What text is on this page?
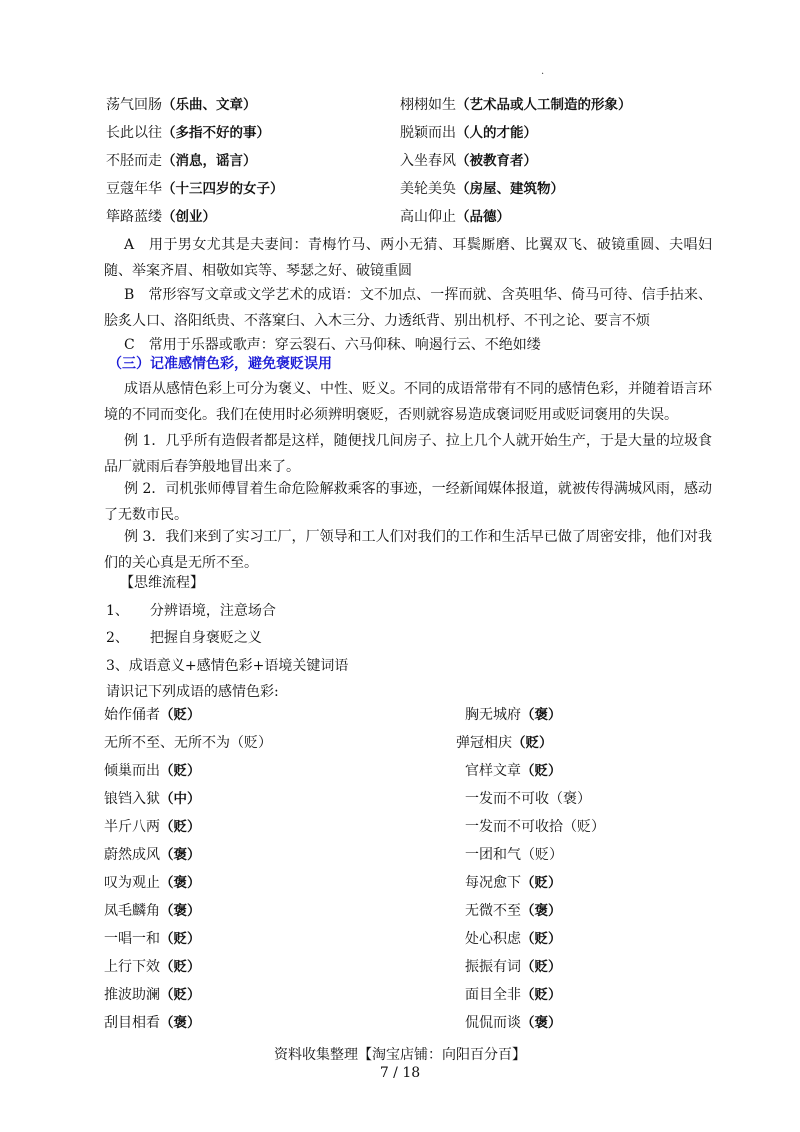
.
荡气回肠（乐曲、文章）	栩栩如生（艺术品或人工制造的形象）
长此以往（多指不好的事）	脱颖而出（人的才能）
不胫而走（消息，谣言）	入坐春风（被教育者）
豆蔻年华（十三四岁的女子）	美轮美奂（房屋、建筑物）
筚路蓝缕（创业）	高山仰止（品德）
A　用于男女尤其是夫妻间：青梅竹马、两小无猜、耳鬓厮磨、比翼双飞、破镜重圆、夫唱妇随、举案齐眉、相敬如宾等、琴瑟之好、破镜重圆
B　常形容写文章或文学艺术的成语：文不加点、一挥而就、含英咀华、倚马可待、信手拈来、脍炙人口、洛阳纸贵、不落窠臼、入木三分、力透纸背、别出机杼、不刊之论、要言不烦
C　常用于乐器或歌声：穿云裂石、六马仰秣、响遏行云、不绝如缕
（三）记准感情色彩，避免褒贬误用
成语从感情色彩上可分为褒义、中性、贬义。不同的成语常带有不同的感情色彩，并随着语言环境的不同而变化。我们在使用时必须辨明褒贬，否则就容易造成褒词贬用或贬词褒用的失误。
例 1．几乎所有造假者都是这样，随便找几间房子、拉上几个人就开始生产，于是大量的垃圾食品厂就雨后春笋般地冒出来了。
例 2．司机张师傅冒着生命危险解救乘客的事迹，一经新闻媒体报道，就被传得满城风雨，感动了无数市民。
例 3．我们来到了实习工厂，厂领导和工人们对我们的工作和生活早已做了周密安排，他们对我们的关心真是无所不至。
【思维流程】
1、　　分辨语境，注意场合
2、　　把握自身褒贬之义
3、成语意义+感情色彩+语境关键词语
请识记下列成语的感情色彩:
始作俑者（贬）	胸无城府（褒）
无所不至、无所不为（贬）	弹冠相庆（贬）
倾巢而出（贬）	官样文章（贬）
锒铛入狱（中）	一发而不可收（褒）
半斤八两（贬）	一发而不可收拾（贬）
蔚然成风（褒）	一团和气（贬）
叹为观止（褒）	每况愈下（贬）
凤毛麟角（褒）	无微不至（褒）
一唱一和（贬）	处心积虑（贬）
上行下效（贬）	振振有词（贬）
推波助澜（贬）	面目全非（贬）
刮目相看（褒）	侃侃而谈（褒）
资料收集整理【淘宝店铺：向阳百分百】
7 / 18
